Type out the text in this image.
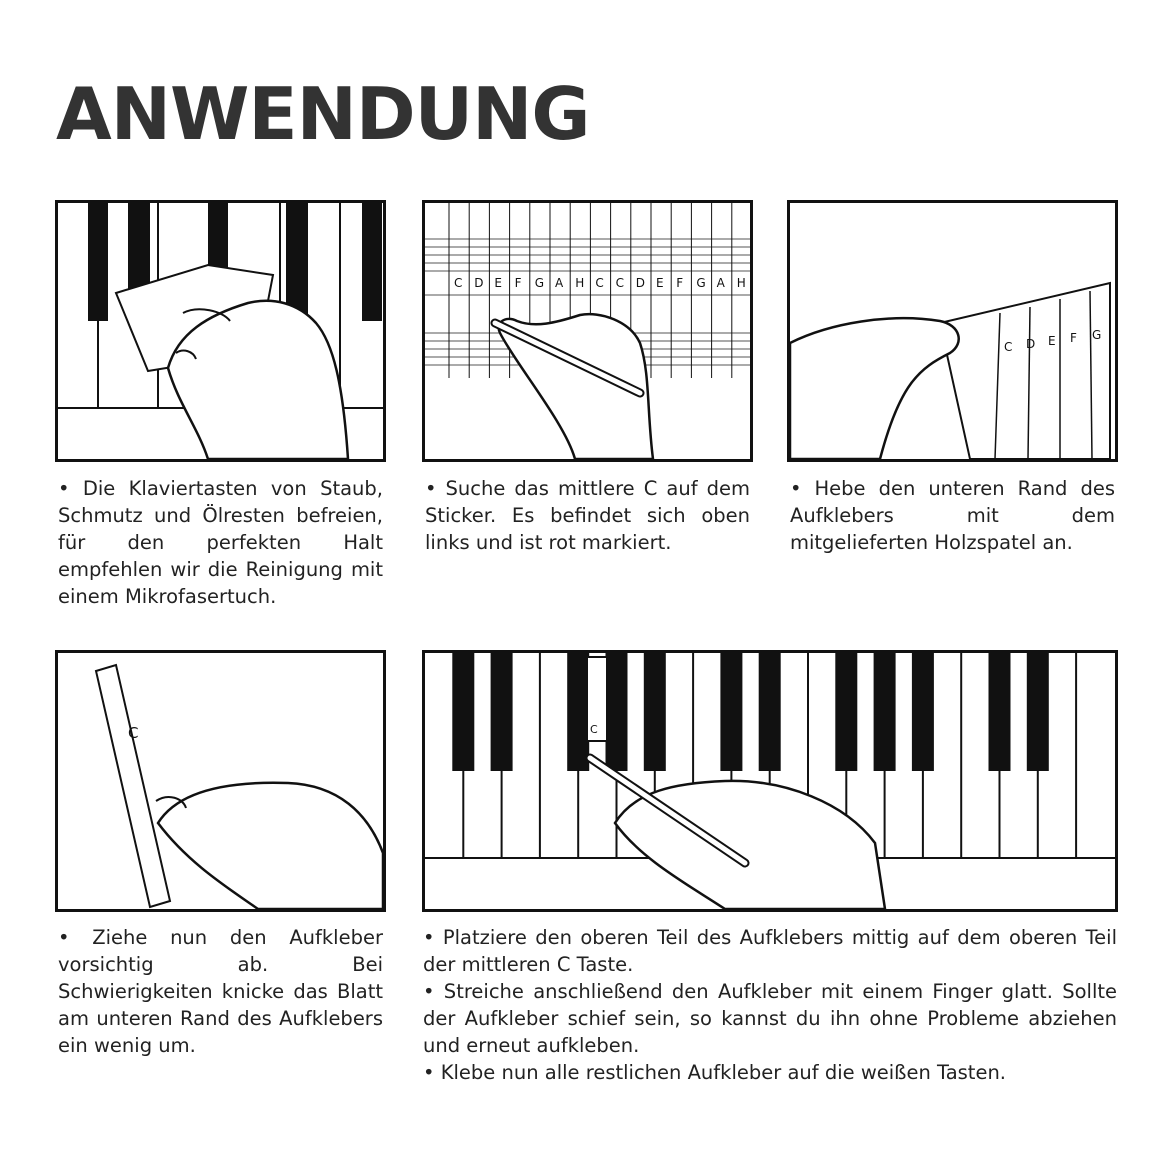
ANWENDUNG
C D E F G A H C C D E F G A H
C D E F G
C	C

• Die Klaviertasten von Staub, Schmutz und Ölresten befreien, für den perfekten Halt empfehlen wir die Reinigung mit einem Mikrofasertuch.

• Suche das mittlere C auf dem Sticker. Es befindet sich oben links und ist rot markiert.

• Hebe den unteren Rand des Aufklebers mit dem mitgelieferten Holzspatel an.

• Ziehe nun den Aufkleber vorsichtig ab. Bei Schwierigkeiten knicke das Blatt am unteren Rand des Aufklebers ein wenig um.

• Platziere den oberen Teil des Aufklebers mittig auf dem oberen Teil der mittleren C Taste.

• Streiche anschließend den Aufkleber mit einem Finger glatt. Sollte der Aufkleber schief sein, so kannst du ihn ohne Probleme abziehen und erneut aufkleben.

• Klebe nun alle restlichen Aufkleber auf die weißen Tasten.
